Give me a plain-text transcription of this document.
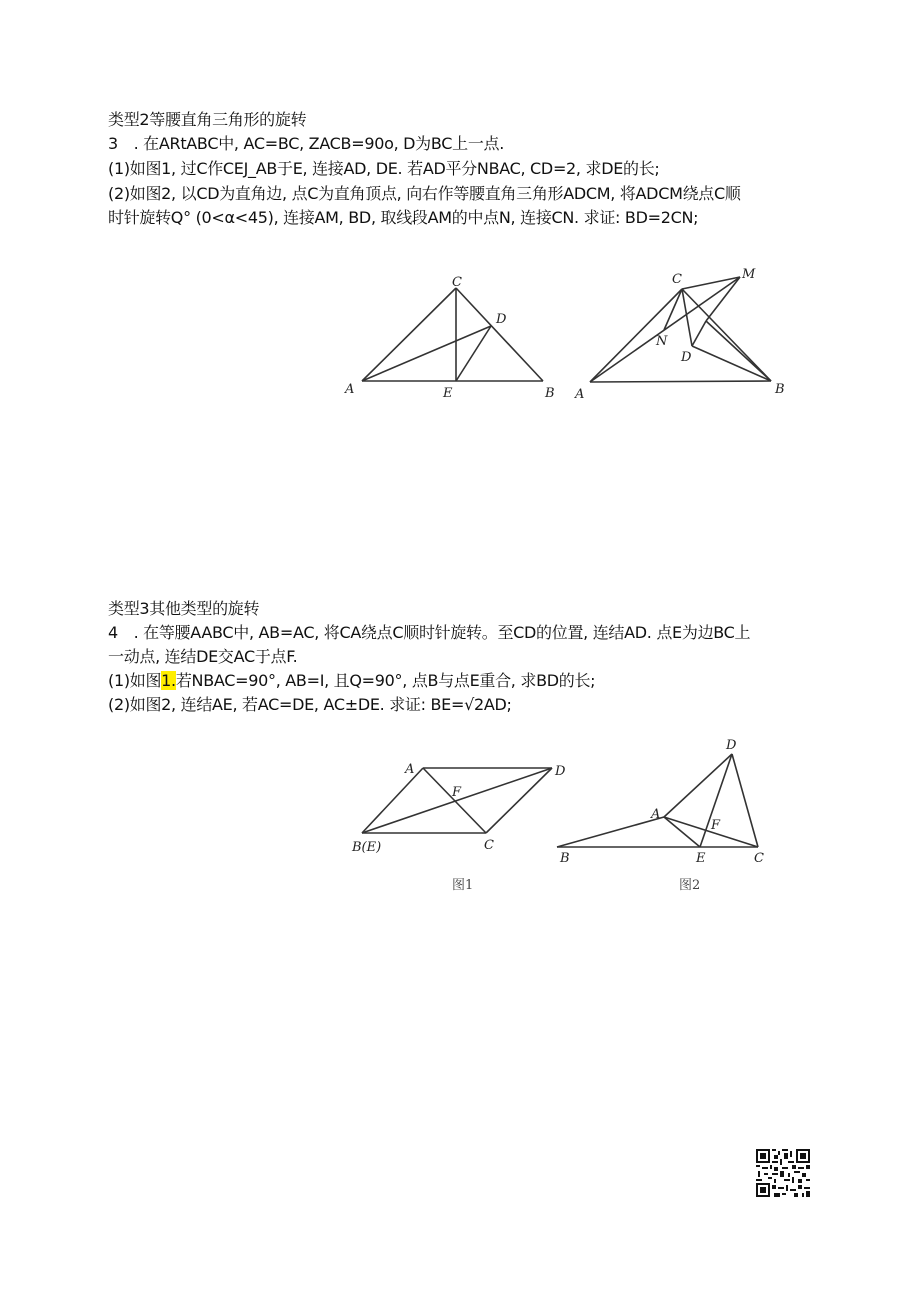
类型2等腰直角三角形的旋转
3　. 在ARtABC中, AC=BC, ZACB=90o, D为BC上一点.
(1)如图1, 过C作CEJ_AB于E, 连接AD, DE. 若AD平分NBAC, CD=2, 求DE的长;
(2)如图2, 以CD为直角边, 点C为直角顶点, 向右作等腰直角三角形ADCM, 将ADCM绕点C顺
时针旋转Q° (0<α<45), 连接AM, BD, 取线段AM的中点N, 连接CN. 求证: BD=2CN;
C
D
A	E	B
C	M
N
D
A	B
类型3其他类型的旋转
4　. 在等腰AABC中, AB=AC, 将CA绕点C顺时针旋转。至CD的位置, 连结AD. 点E为边BC上
一动点, 连结DE交AC于点F.
(1)如图1.若NBAC=90°, AB=I, 且Q=90°, 点B与点E重合, 求BD的长;
(2)如图2, 连结AE, 若AC=DE, AC±DE. 求证: BE=√2AD;
A	D
F
B(E)	C
图1
D
A
F
B	E	C
图2
